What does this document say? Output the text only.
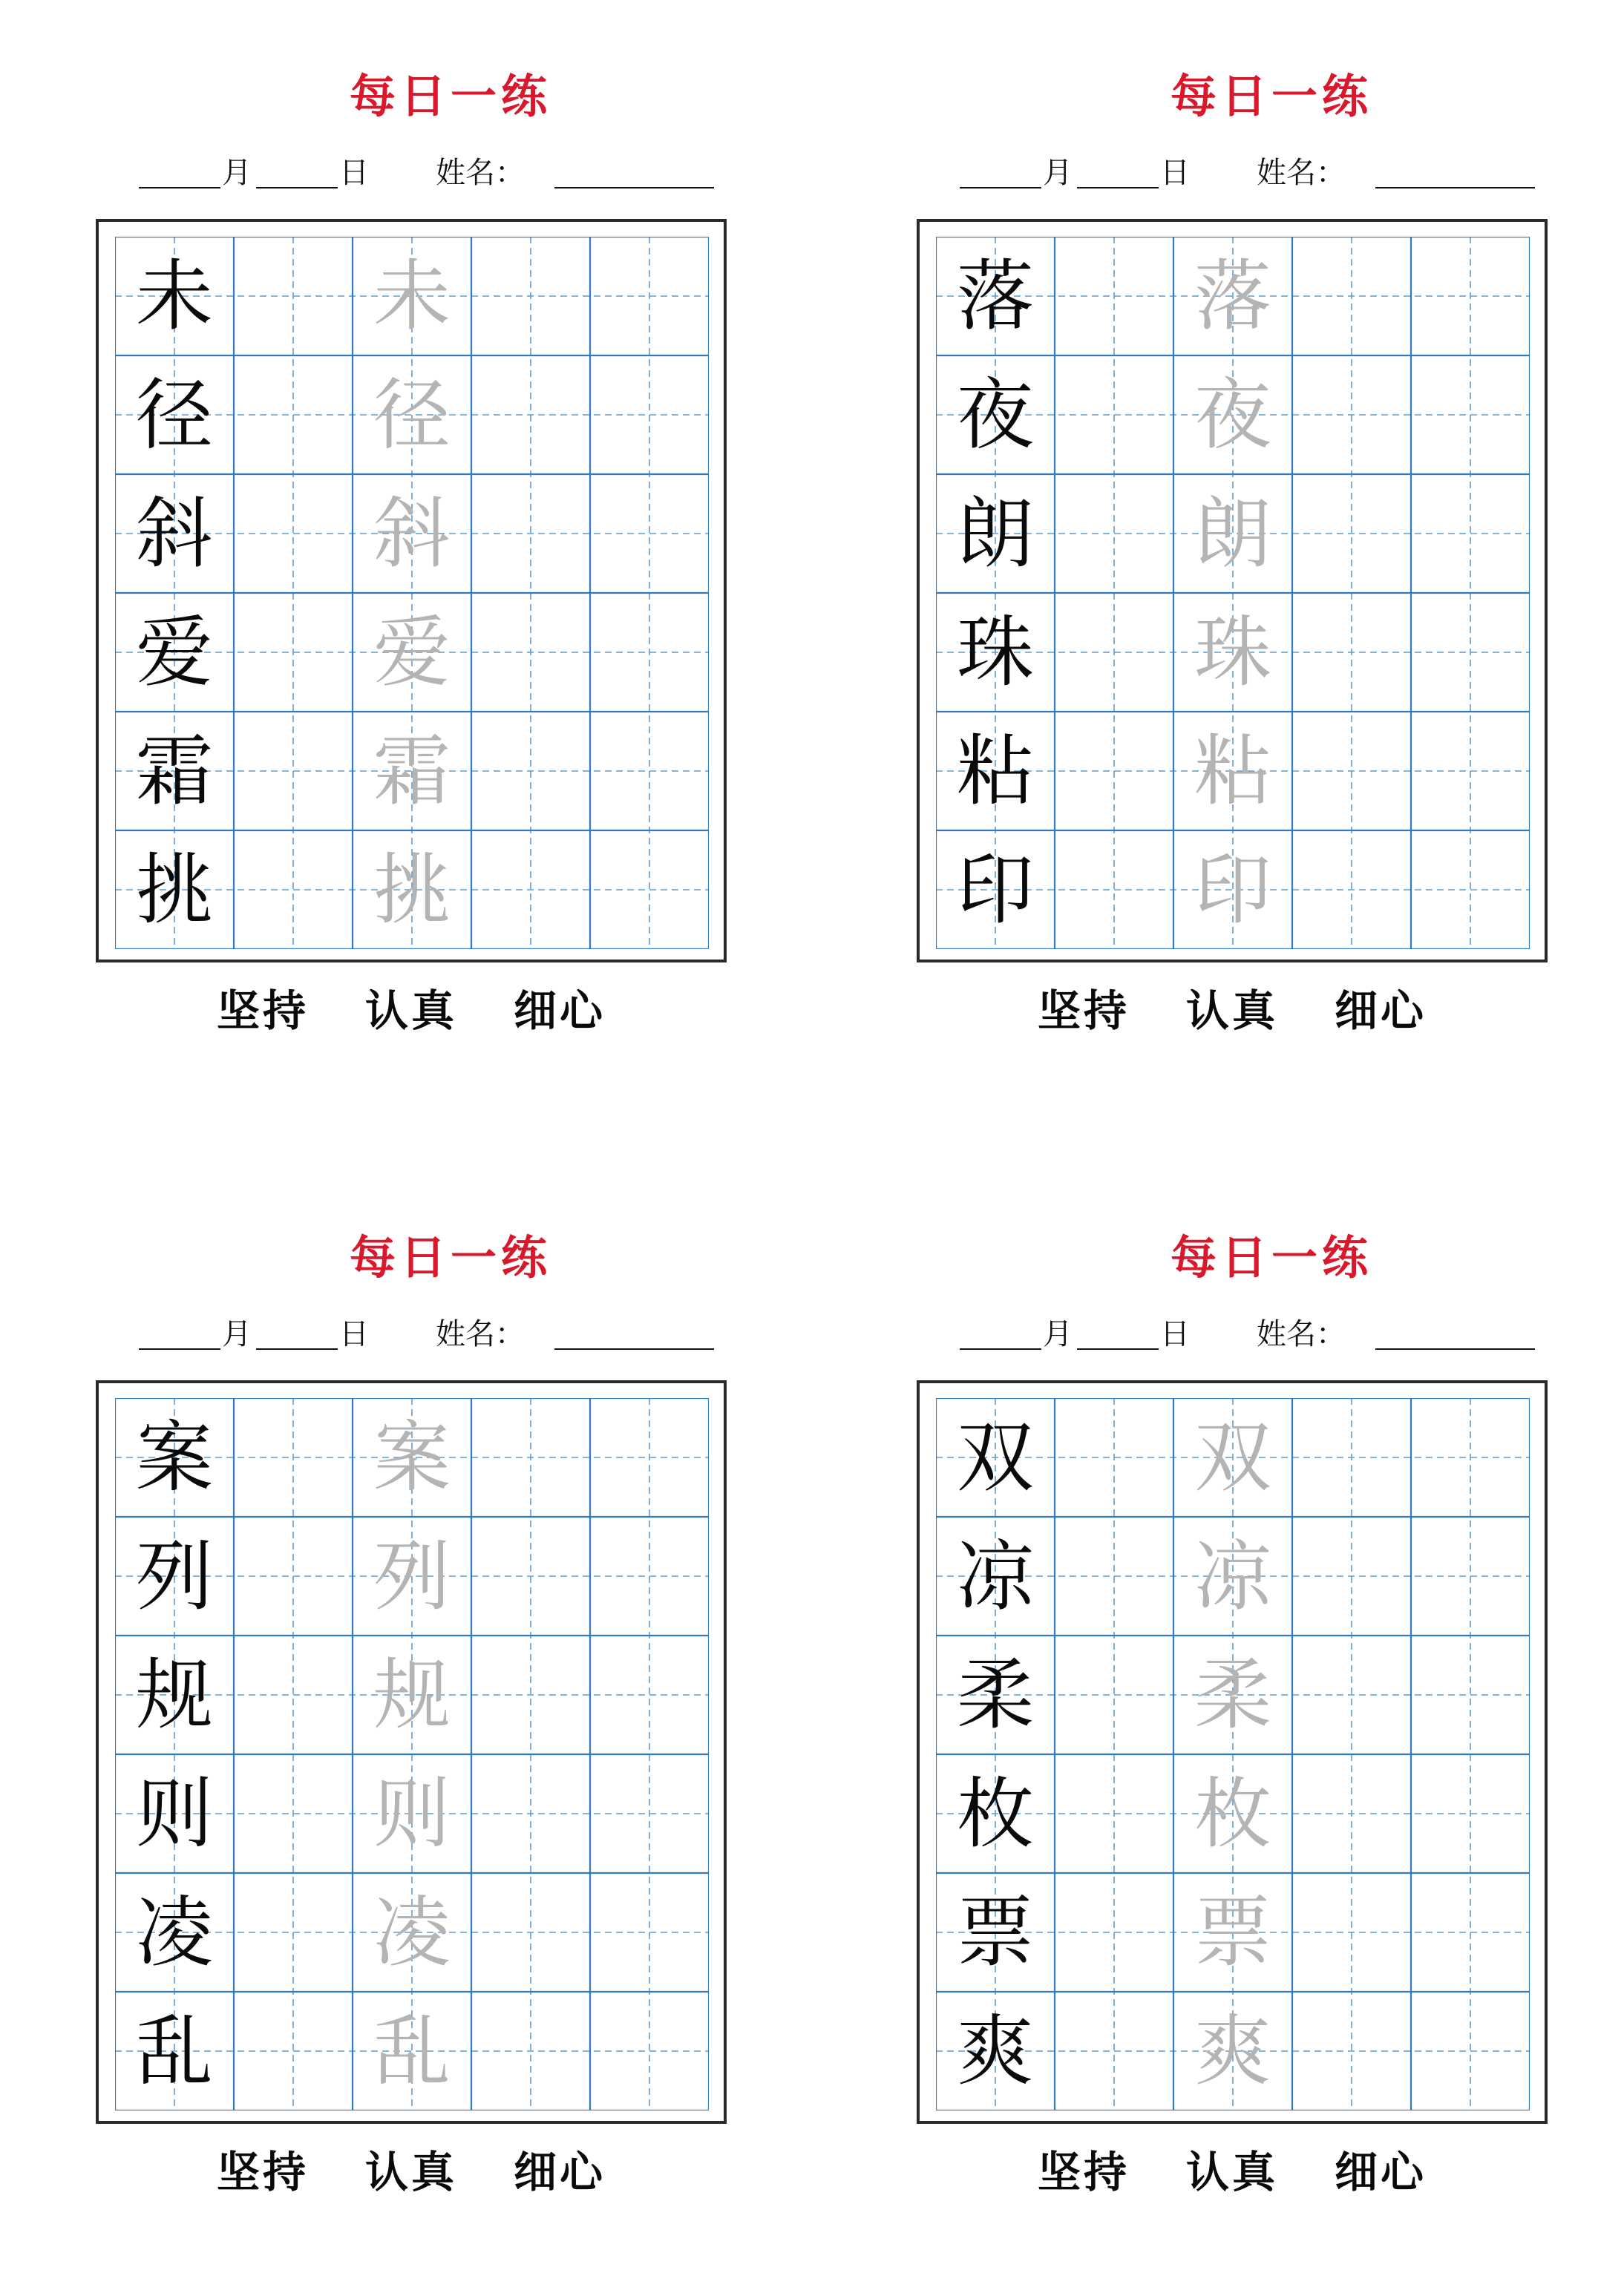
每日一练
月	日 姓名：
未 未
径 径
斜 斜
爱 爱
霜 霜
挑 挑
坚持 认真 细心
每日一练
月	日 姓名：
落 落
夜 夜
朗 朗
珠 珠
粘 粘
印 印
坚持 认真 细心
每日一练
月	日 姓名：
案 案
列 列
规 规
则 则
凌 凌
乱 乱
坚持 认真 细心
每日一练
月	日 姓名：
双 双
凉 凉
柔 柔
枚 枚
票 票
爽 爽
坚持 认真 细心
